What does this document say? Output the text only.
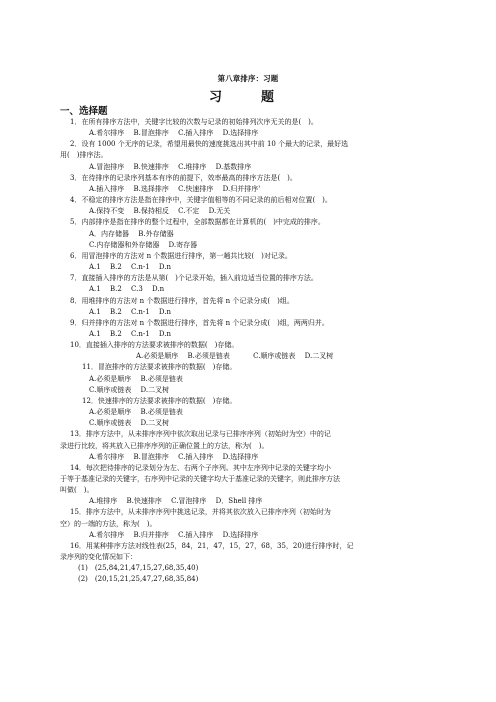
第八章排序：习题
习　题
一、选择题
1．在所有排序方法中，关键字比较的次数与记录的初始排列次序无关的是(　)。
A.希尔排序　 B.冒泡排序　 C.插入排序　 D.选择排序
2．设有 1000 个无序的记录，希望用最快的速度挑选出其中前 10 个最大的记录，最好选
用(　)排序法。
A.冒泡排序　 B.快速排序　 C.堆排序　 D.基数排序
3．在待排序的记录序列基本有序的前提下，效率最高的排序方法是(　)。
A.插入排序　 B.选择排序　 C.快速排序　 D.归并排序'
4．不稳定的排序方法是指在排序中，关键字值相等的不同记录的前后相对位置(　)。
A.保持不变　 B.保持相反　 C.不定　 D.无关
5．内部排序是指在排序的整个过程中，全部数据都在计算机的(　)中完成的排序。
A．内存储器　 B.外存储器
C.内存储器和外存储器　 D.寄存器
6．用冒泡排序的方法对 n 个数据进行排序，第一趟共比较(　)对记录。
A.1　 B.2　 C.n-1　 D.n
7．直接插入排序的方法是从第(　)个记录开始，插入前边适当位置的排序方法。
A.1　 B.2　 C.3　 D.n
8．用堆排序的方法对 n 个数据进行排序，首先将 n 个记录分成(　)组。
A.1　 B.2　 C.n-1　 D.n
9．归并排序的方法对 n 个数据进行排序，首先将 n 个记录分成(　)组，两两归并。
A.1　 B.2　 C.n-1　 D.n
10．直接插入排序的方法要求被排序的数据(　)存储。
A.必须是顺序　 B.必须是链表　　　 C.顺序或链表　 D.二叉树
11．冒泡排序的方法要求被排序的数据(　)存储。
A.必须是顺序　 B.必须是链表
C.顺序或链表　 D.二叉树
12．快速排序的方法要求被排序的数据(　)存储。
A.必须是顺序　 B.必须是链表
C.顺序或链表　 D.二叉树
13．排序方法中，从未排序序列中依次取出记录与已排序序列（初始时为空）中的记
录进行比较，将其放入已排序序列的正确位置上的方法，称为(　)。
A.希尔排序　 B.冒泡排序　 C.插入排序　 D.选择排序
14．每次把待排序的记录划分为左、右两个子序列。其中左序列中记录的关键字均小
于等于基准记录的关键字，右序列中记录的关键字均大于基准记录的关键字，则此排序方法
叫做(　)。
A.堆排序　 B.快速排序　 C.冒泡排序　 D．Shell 排序
15．排序方法中，从未排序序列中挑选记录，并将其依次放入已排序序列（初始时为
空）的一端的方法，称为(　)。
A.希尔排序　 B.归并排序　 C.插入排序　 D.选择排序
16．用某种排序方法对线性表(25，84，21，47，15，27，68，35，20)进行排序时，记
录序列的变化情况如下：
(1)　(25,84,21,47,15,27,68,35,40)
(2)　(20,15,21,25,47,27,68,35,84)
